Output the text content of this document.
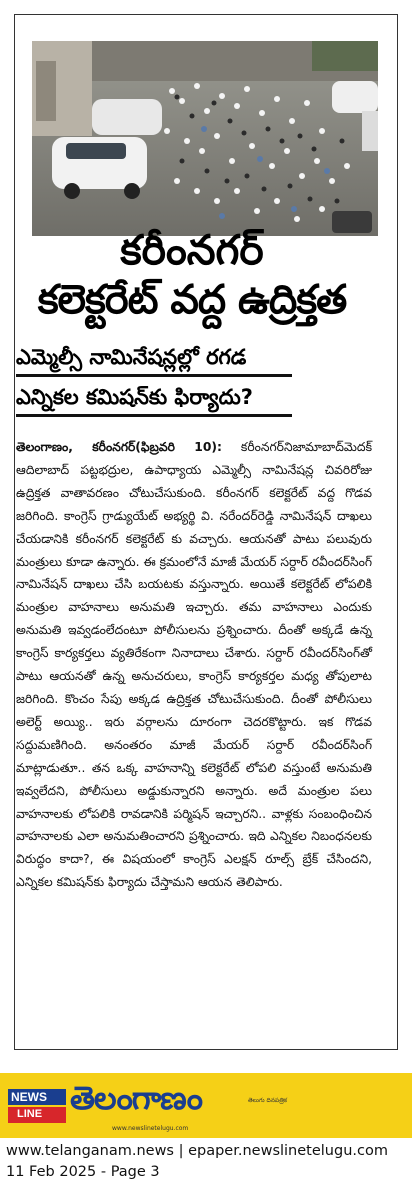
కరీంనగర్
కలెక్టరేట్ వద్ద ఉద్రిక్తత
ఎమ్మెల్సీ నామినేషన్లల్లో రగడ
ఎన్నికల కమిషన్‌కు ఫిర్యాదు?
తెలంగాణం, కరీంనగర్(ఫిబ్రవరి 10): కరీంనగర్‌నిజామాబాద్‌మెదక్‌ ఆదిలాబాద్ పట్టభద్రుల, ఉపాధ్యాయ ఎమ్మెల్సీ నామినేషన్ల చివరిరోజు ఉద్రిక్తత వాతావరణం చోటుచేసుకుంది. కరీంనగర్ కలెక్టరేట్ వద్ద గొడవ జరిగింది. కాంగ్రెస్ గ్రాడ్యుయేట్ అభ్యర్థి వి. నరేందర్‌రెడ్డి నామినేషన్ దాఖలు చేయడానికి కరీంనగర్ కలెక్టరేట్ కు వచ్చారు. ఆయనతో పాటు పలువురు మంత్రులు కూడా ఉన్నారు. ఈ క్రమంలోనే మాజీ మేయర్ సర్దార్ రవీందర్‌సింగ్ నామినేషన్ దాఖలు చేసి బయటకు వస్తున్నారు. అయితే కలెక్టరేట్ లోపలికి మంత్రుల వాహనాలు అనుమతి ఇచ్చారు. తమ వాహనాలు ఎందుకు అనుమతి ఇవ్వడంలేదంటూ పోలీసులను ప్రశ్నించారు. దీంతో అక్కడే ఉన్న కాంగ్రెస్ కార్యకర్తలు వ్యతిరేకంగా నినాదాలు చేశారు. సర్దార్ రవీందర్‌సింగ్‌తో పాటు ఆయనతో ఉన్న అనుచరులు, కాంగ్రెస్ కార్యకర్తల మధ్య తోపులాట జరిగింది. కొంచం సేపు అక్కడ ఉద్రిక్తత చోటుచేసుకుంది. దీంతో పోలీసులు అలెర్ట్ అయ్యి.. ఇరు వర్గాలను దూరంగా చెదరకొట్టారు. ఇక గొడవ సద్దుమణిగింది. అనంతరం మాజీ మేయర్ సర్దార్ రవీందర్‌సింగ్ మాట్లాడుతూ.. తన ఒక్క వాహనాన్ని కలెక్టరేట్ లోపలి వస్తుంటే అనుమతి ఇవ్వలేదని, పోలీసులు అడ్డుకున్నారని అన్నారు. అదే మంత్రుల పలు వాహనాలకు లోపలికి రావడానికి పర్మిషన్ ఇచ్చారని.. వాళ్లకు సంబంధించిన వాహనాలకు ఎలా అనుమతించారని ప్రశ్నించారు. ఇది ఎన్నికల నిబంధనలకు విరుద్ధం కాదా?, ఈ విషయంలో కాంగ్రెస్ ఎలక్షన్ రూల్స్ బ్రేక్ చేసిందని, ఎన్నికల కమిషన్‌కు ఫిర్యాదు చేస్తామని ఆయన తెలిపారు.
NEWS
LINE తెలంగాణం	తెలుగు దినపత్రిక
www.newslinetelugu.com
www.telanganam.news | epaper.newslinetelugu.com
11 Feb 2025 - Page 3
